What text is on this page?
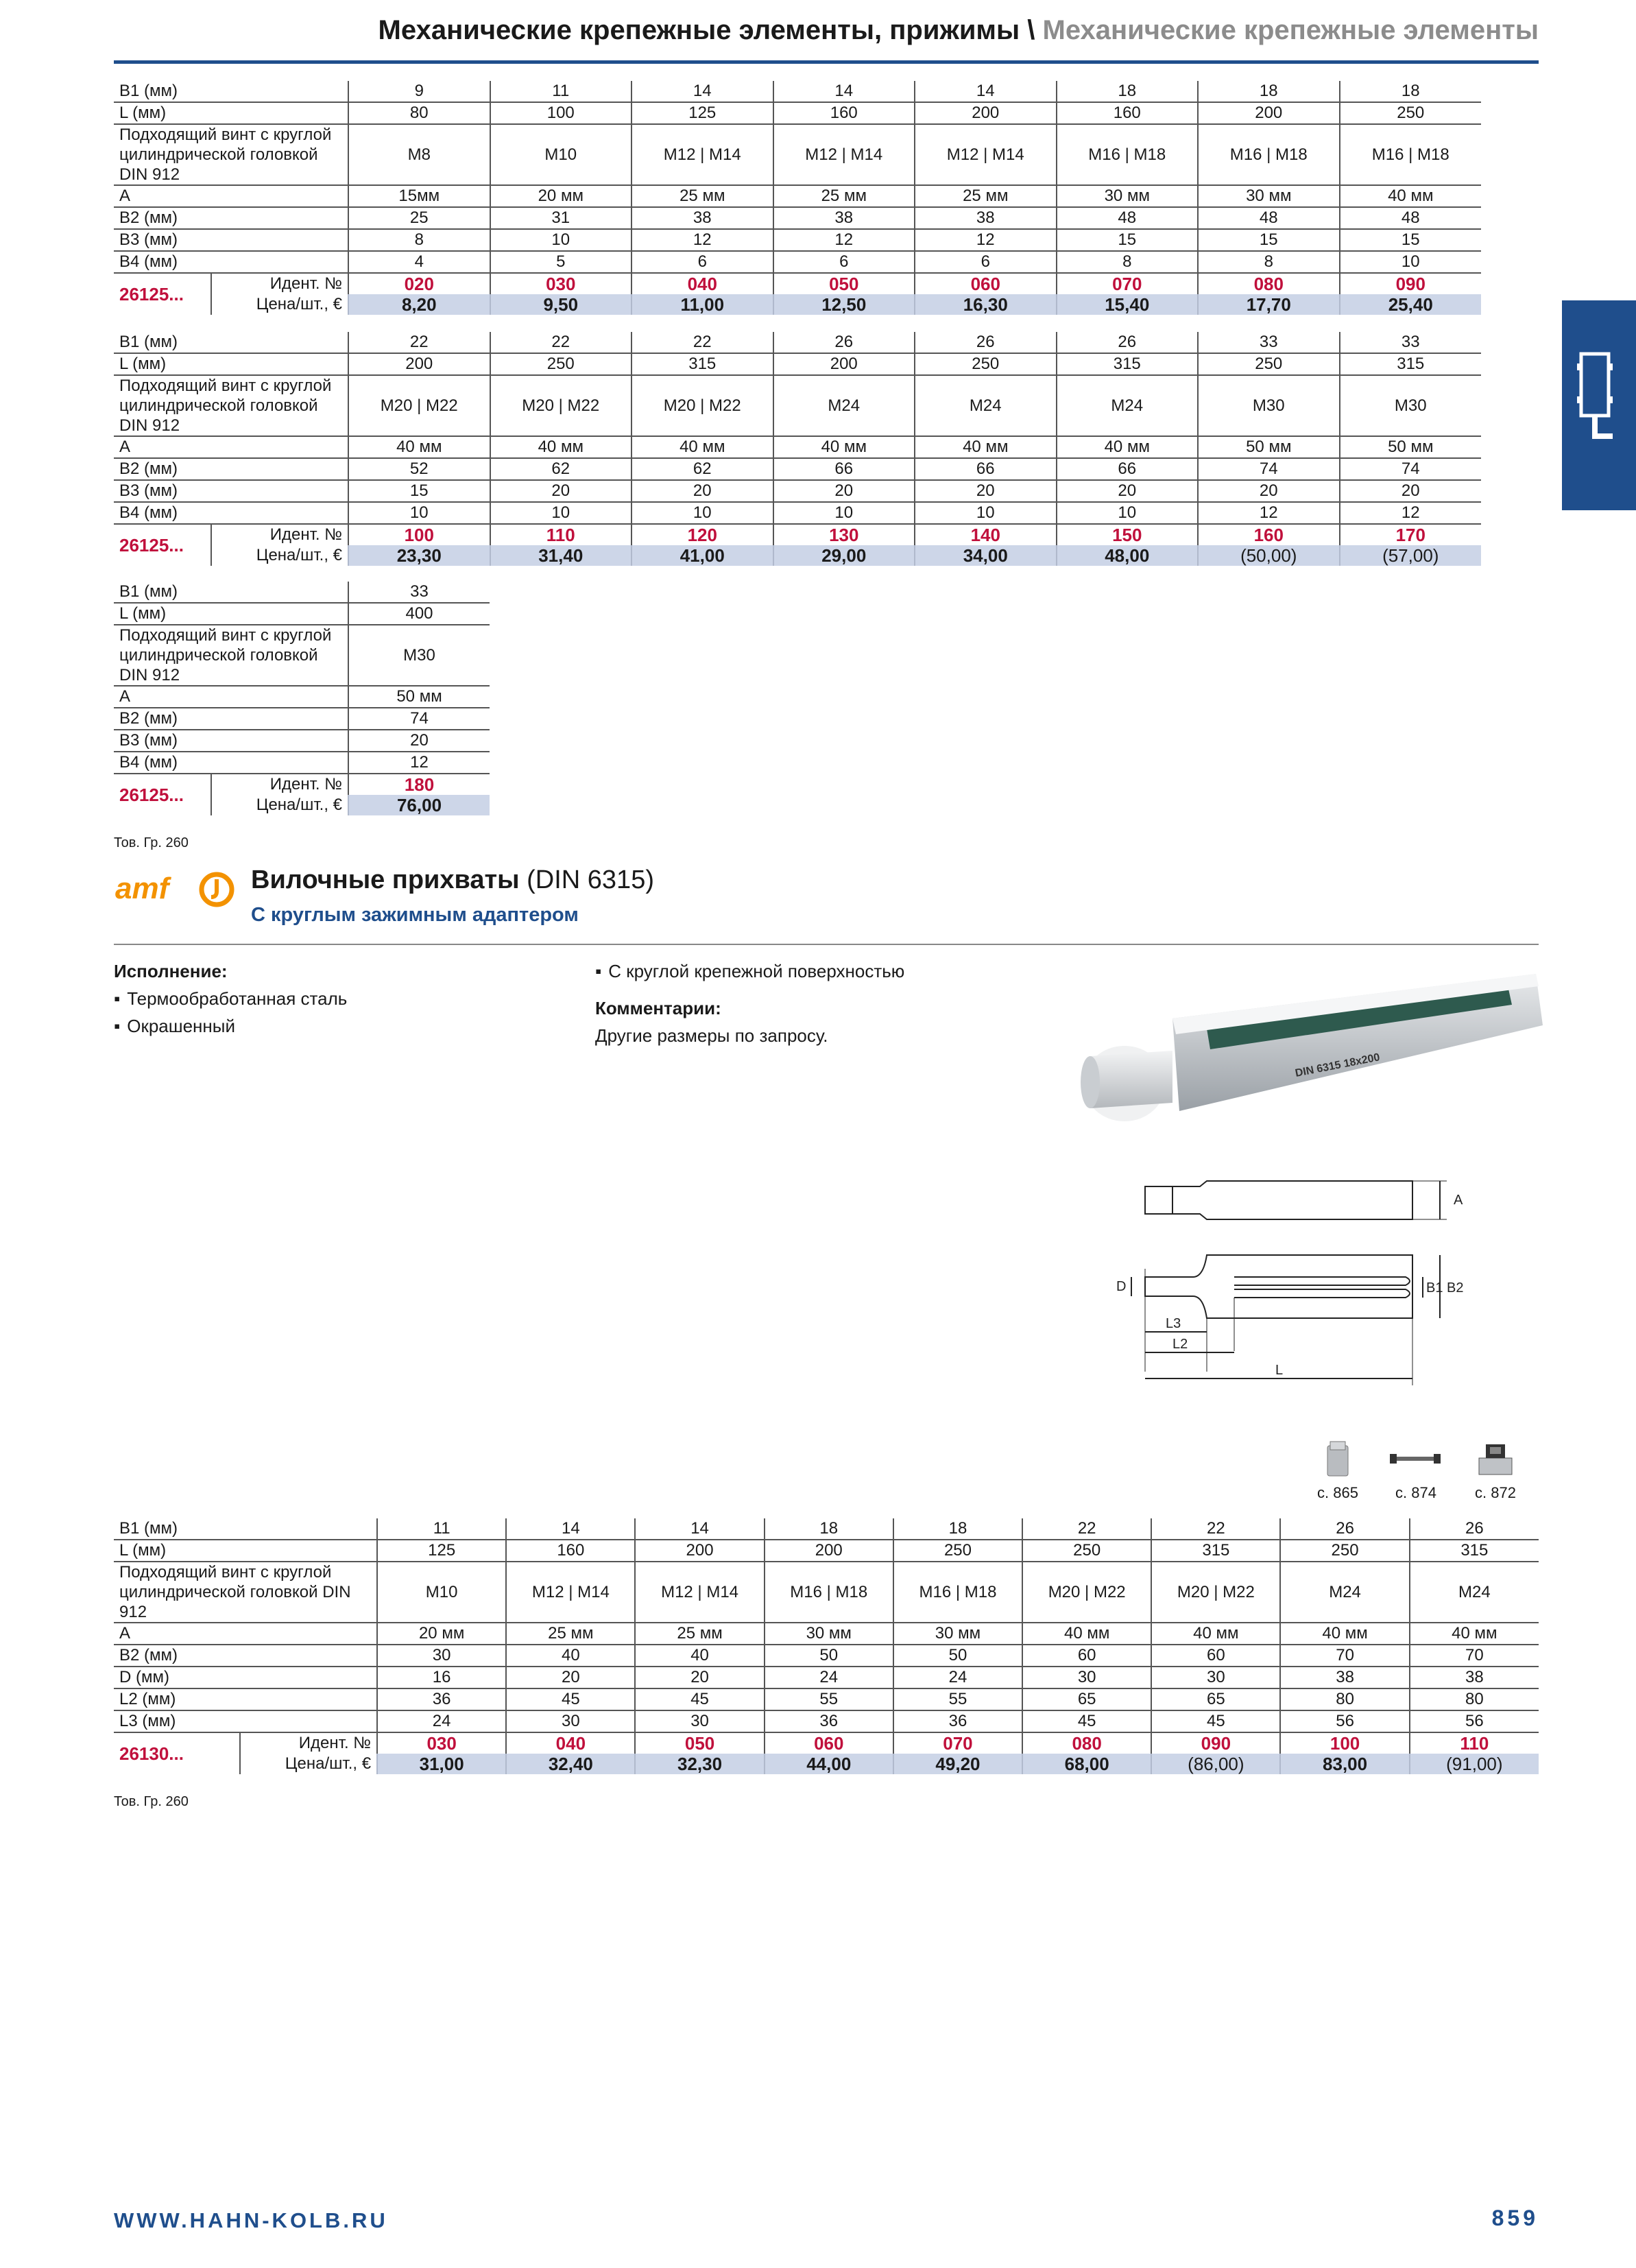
Механические крепежные элементы, прижимы \ Механические крепежные элементы
B1 (мм)		9	11	14	14	14	18	18	18
L (мм)		80	100	125	160	200	160	200	250
Подходящий винт с круглой цилиндрической головкой DIN 912		M8	M10	M12 | M14	M12 | M14	M12 | M14	M16 | M18	M16 | M18	M16 | M18
A		15мм	20 мм	25 мм	25 мм	25 мм	30 мм	30 мм	40 мм
B2 (мм)		25	31	38	38	38	48	48	48
B3 (мм)		8	10	12	12	12	15	15	15
B4 (мм)		4	5	6	6	6	8	8	10
26125...	Идент. №	020	030	040	050	060	070	080	090
	Цена/шт., €	8,20	9,50	11,00	12,50	16,30	15,40	17,70	25,40
B1 (мм)		22	22	22	26	26	26	33	33
L (мм)		200	250	315	200	250	315	250	315
Подходящий винт с круглой цилиндрической головкой DIN 912		M20 | M22	M20 | M22	M20 | M22	M24	M24	M24	M30	M30
A		40 мм	40 мм	40 мм	40 мм	40 мм	40 мм	50 мм	50 мм
B2 (мм)		52	62	62	66	66	66	74	74
B3 (мм)		15	20	20	20	20	20	20	20
B4 (мм)		10	10	10	10	10	10	12	12
26125...	Идент. №	100	110	120	130	140	150	160	170
	Цена/шт., €	23,30	31,40	41,00	29,00	34,00	48,00	(50,00)	(57,00)
B1 (мм)		33
L (мм)		400
Подходящий винт с круглой цилиндрической головкой DIN 912		M30
A		50 мм
B2 (мм)		74
B3 (мм)		20
B4 (мм)		12
26125...	Идент. №	180
	Цена/шт., €	76,00
Тов. Гр. 260
amf	Вилочные прихваты (DIN 6315)
С круглым зажимным адаптером
Исполнение:
▪ Термообработанная сталь
▪ Окрашенный
▪ С круглой крепежной поверхностью
Комментарии:
Другие размеры по запросу.
DIN 6315 18x200
A
D	B1 B2
L3
L2
L
с. 865	с. 874	с. 872
B1 (мм)		11	14	14	18	18	22	22	26	26
L (мм)		125	160	200	200	250	250	315	250	315
Подходящий винт с круглой цилиндрической головкой DIN 912		M10	M12 | M14	M12 | M14	M16 | M18	M16 | M18	M20 | M22	M20 | M22	M24	M24
A		20 мм	25 мм	25 мм	30 мм	30 мм	40 мм	40 мм	40 мм	40 мм
B2 (мм)		30	40	40	50	50	60	60	70	70
D (мм)		16	20	20	24	24	30	30	38	38
L2 (мм)		36	45	45	55	55	65	65	80	80
L3 (мм)		24	30	30	36	36	45	45	56	56
26130...	Идент. №	030	040	050	060	070	080	090	100	110
	Цена/шт., €	31,00	32,40	32,30	44,00	49,20	68,00	(86,00)	83,00	(91,00)
Тов. Гр. 260
WWW.HAHN-KOLB.RU	859
